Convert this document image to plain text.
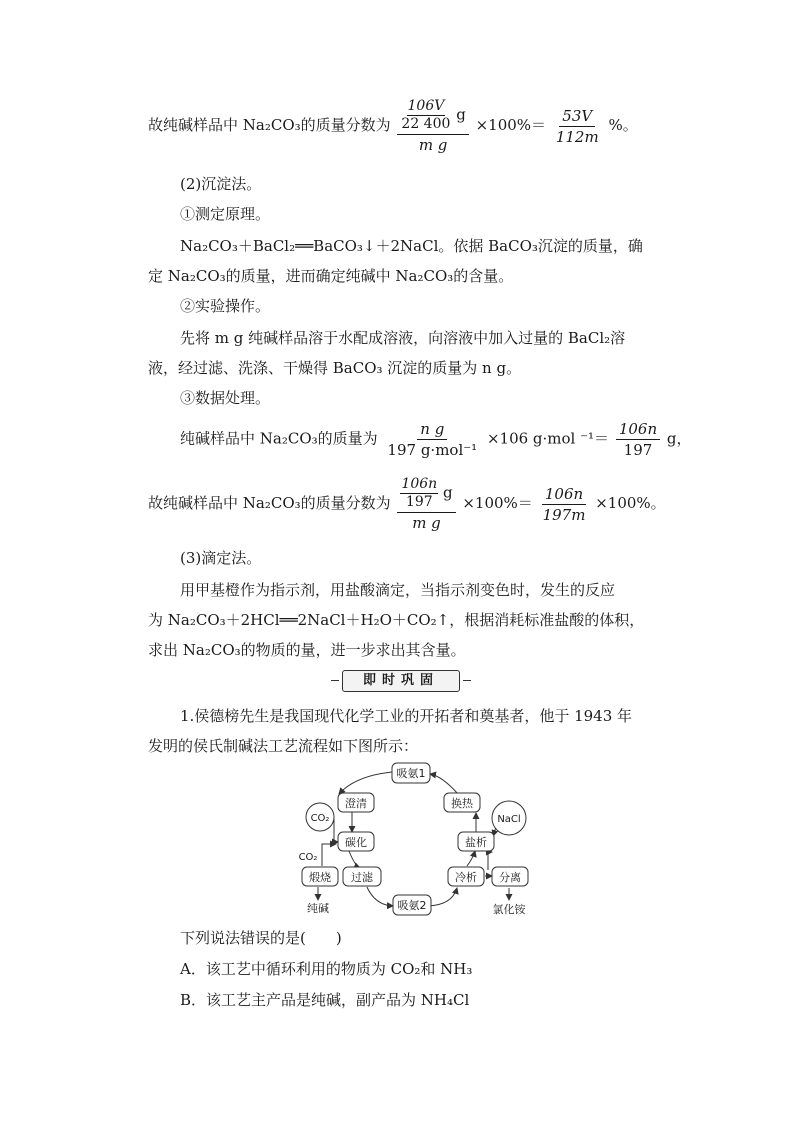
故纯碱样品中 Na₂CO₃的质量分数为 $\frac{\frac{106V}{22 400} g}{\text{m g}} \times 100\%= \frac{53V}{112m}$ %。
(2)沉淀法。
①测定原理。
Na₂CO₃＋BaCl₂══BaCO₃↓＋2NaCl。依据 BaCO₃沉淀的质量，确
定 Na₂CO₃的质量，进而确定纯碱中 Na₂CO₃的含量。
②实验操作。
先将 m g 纯碱样品溶于水配成溶液，向溶液中加入过量的 BaCl₂溶
液，经过滤、洗涤、干燥得 BaCO₃ 沉淀的质量为 n g。
③数据处理。
纯碱样品中 Na₂CO₃的质量为 $\frac{\text{n g}}{\text{197 g·mol⁻¹}} \times 106$ g·mol $^{-1}= \frac{106n}{197}$ g，
故纯碱样品中 Na₂CO₃的质量分数为 $\frac{\frac{106n}{197} g}{\text{m g}} \times 100\%= \frac{106n}{197m} \times 100\%$。
(3)滴定法。
用甲基橙作为指示剂，用盐酸滴定，当指示剂变色时，发生的反应
为 Na₂CO₃＋2HCl══2NaCl＋H₂O＋CO₂↑，根据消耗标准盐酸的体积，
求出 Na₂CO₃的物质的量，进一步求出其含量。
即时巩固
1.侯德榜先生是我国现代化学工业的开拓者和奠基者，他于 1943 年
发明的侯氏制碱法工艺流程如下图所示：
吸氨1
澄清	换热
CO₂	NaCl
碳化	盐析
CO₂
煅烧 过滤	冷析 分离
吸氨2
纯碱	氯化铵
下列说法错误的是(　　)
A．该工艺中循环利用的物质为 CO₂和 NH₃
B．该工艺主产品是纯碱，副产品为 NH₄Cl
